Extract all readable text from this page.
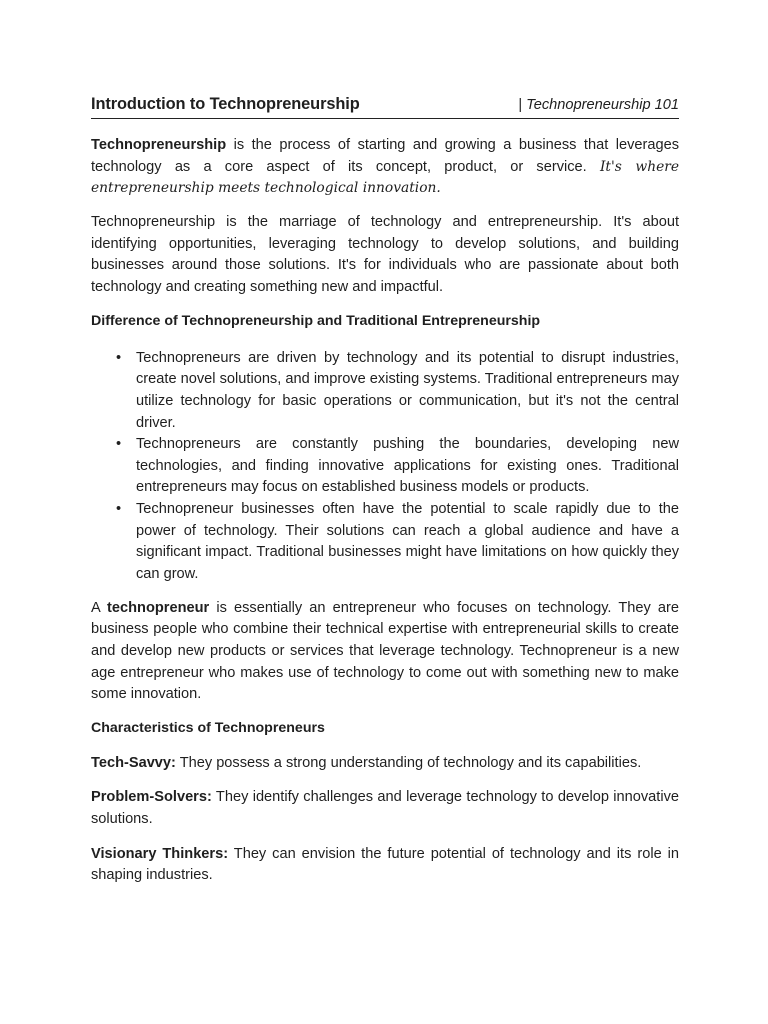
Introduction to Technopreneurship	| Technopreneurship 101

Technopreneurship is the process of starting and growing a business that leverages technology as a core aspect of its concept, product, or service. It's where entrepreneurship meets technological innovation.

Technopreneurship is the marriage of technology and entrepreneurship. It's about identifying opportunities, leveraging technology to develop solutions, and building businesses around those solutions. It's for individuals who are passionate about both technology and creating something new and impactful.

Difference of Technopreneurship and Traditional Entrepreneurship

• Technopreneurs are driven by technology and its potential to disrupt industries, create novel solutions, and improve existing systems. Traditional entrepreneurs may utilize technology for basic operations or communication, but it's not the central driver.
• Technopreneurs are constantly pushing the boundaries, developing new technologies, and finding innovative applications for existing ones. Traditional entrepreneurs may focus on established business models or products.
• Technopreneur businesses often have the potential to scale rapidly due to the power of technology. Their solutions can reach a global audience and have a significant impact. Traditional businesses might have limitations on how quickly they can grow.

A technopreneur is essentially an entrepreneur who focuses on technology. They are business people who combine their technical expertise with entrepreneurial skills to create and develop new products or services that leverage technology. Technopreneur is a new age entrepreneur who makes use of technology to come out with something new to make some innovation.

Characteristics of Technopreneurs

Tech-Savvy: They possess a strong understanding of technology and its capabilities.

Problem-Solvers: They identify challenges and leverage technology to develop innovative solutions.

Visionary Thinkers: They can envision the future potential of technology and its role in shaping industries.
